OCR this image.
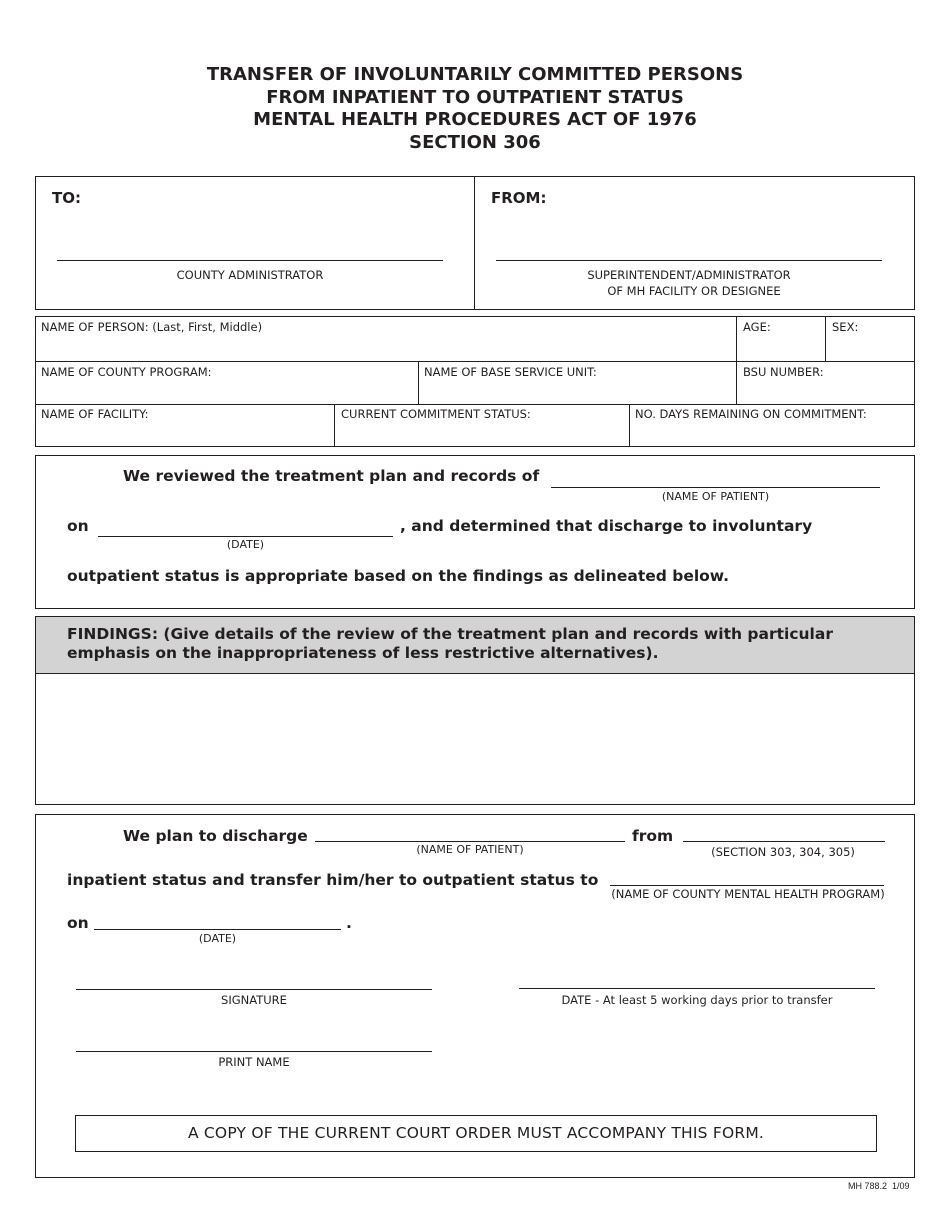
TRANSFER OF INVOLUNTARILY COMMITTED PERSONS
FROM INPATIENT TO OUTPATIENT STATUS
MENTAL HEALTH PROCEDURES ACT OF 1976
SECTION 306
TO:
COUNTY ADMINISTRATOR
FROM:
SUPERINTENDENT/ADMINISTRATOR
OF MH FACILITY OR DESIGNEE
NAME OF PERSON: (Last, First, Middle)	AGE:	SEX:
NAME OF COUNTY PROGRAM:	NAME OF BASE SERVICE UNIT:	BSU NUMBER:
NAME OF FACILITY:	CURRENT COMMITMENT STATUS:	NO. DAYS REMAINING ON COMMITMENT:
We reviewed the treatment plan and records of
(NAME OF PATIENT)
on
(DATE)
, and determined that discharge to involuntary
outpatient status is appropriate based on the findings as delineated below.
FINDINGS: (Give details of the review of the treatment plan and records with particular
emphasis on the inappropriateness of less restrictive alternatives).
We plan to discharge
(NAME OF PATIENT)
from
(SECTION 303, 304, 305)
inpatient status and transfer him/her to outpatient status to
(NAME OF COUNTY MENTAL HEALTH PROGRAM)
on	.
(DATE)
SIGNATURE	DATE - At least 5 working days prior to transfer
PRINT NAME
A COPY OF THE CURRENT COURT ORDER MUST ACCOMPANY THIS FORM.
MH 788.2 1/09
